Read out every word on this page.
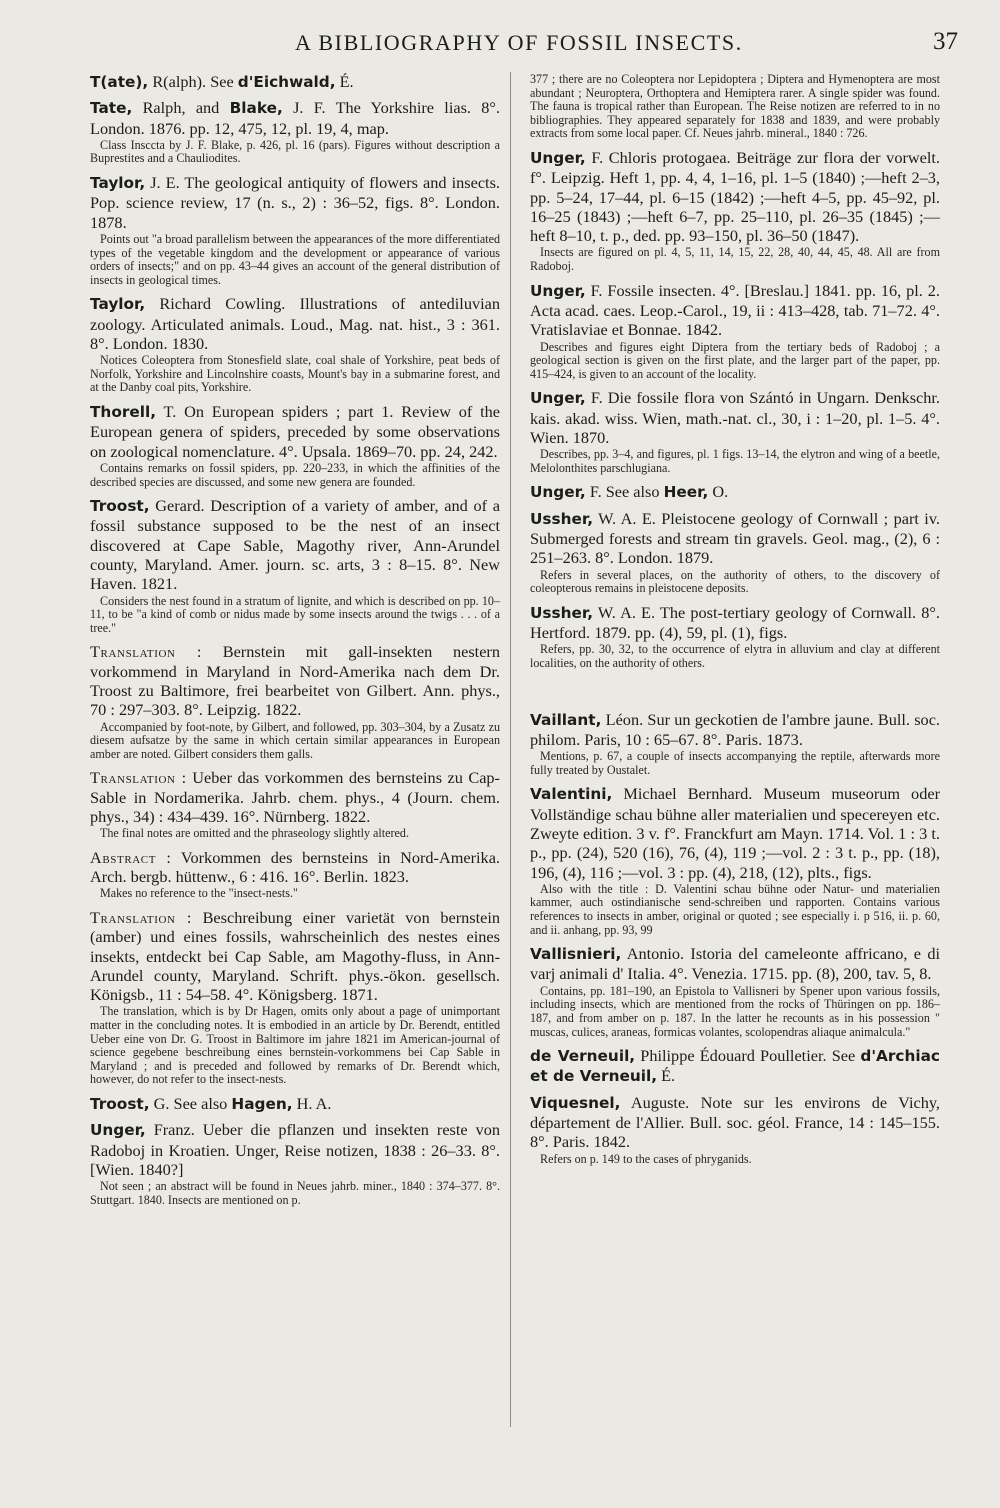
A BIBLIOGRAPHY OF FOSSIL INSECTS.	37

T(ate), R(alph). See d'Eichwald, É.

Tate, Ralph, and Blake, J. F. The Yorkshire lias. 8°. London. 1876. pp. 12, 475, 12, pl. 19, 4, map.

Class Inscсta by J. F. Blake, p. 426, pl. 16 (pars). Figures without description a Buprestites and a Chauliodites.

Taylor, J. E. The geological antiquity of flowers and insects. Pop. science review, 17 (n. s., 2) : 36–52, figs. 8°. London. 1878.

Points out "a broad parallelism between the appearances of the more differentiated types of the vegetable kingdom and the development or appearance of various orders of insects;" and on pp. 43–44 gives an account of the general distribution of insects in geological times.

Taylor, Richard Cowling. Illustrations of antediluvian zoology. Articulated animals. Loud., Mag. nat. hist., 3 : 361. 8°. London. 1830.

Notices Coleoptera from Stonesfield slate, coal shale of Yorkshire, peat beds of Norfolk, Yorkshire and Lincolnshire coasts, Mount's bay in a submarine forest, and at the Danby coal pits, Yorkshire.

Thorell, T. On European spiders ; part 1. Review of the European genera of spiders, preceded by some observations on zoological nomenclature. 4°. Upsala. 1869–70. pp. 24, 242.

Contains remarks on fossil spiders, pp. 220–233, in which the affinities of the described species are discussed, and some new genera are founded.

Troost, Gerard. Description of a variety of amber, and of a fossil substance supposed to be the nest of an insect discovered at Cape Sable, Magothy river, Ann-Arundel county, Maryland. Amer. journ. sc. arts, 3 : 8–15. 8°. New Haven. 1821.

Considers the nest found in a stratum of lignite, and which is described on pp. 10–11, to be "a kind of comb or nidus made by some insects around the twigs . . . of a tree."

Translation : Bernstein mit gall-insekten nestern vorkommend in Maryland in Nord-Amerika nach dem Dr. Troost zu Baltimore, frei bearbeitet von Gilbert. Ann. phys., 70 : 297–303. 8°. Leipzig. 1822.

Accompanied by foot-note, by Gilbert, and followed, pp. 303–304, by a Zusatz zu diesem aufsatze by the same in which certain similar appearances in European amber are noted. Gilbert considers them galls.

Translation : Ueber das vorkommen des bernsteins zu Cap-Sable in Nordamerika. Jahrb. chem. phys., 4 (Journ. chem. phys., 34) : 434–439. 16°. Nürnberg. 1822.

The final notes are omitted and the phraseology slightly altered.

Abstract : Vorkommen des bernsteins in Nord-Amerika. Arch. bergb. hüttenw., 6 : 416. 16°. Berlin. 1823.

Makes no reference to the "insect-nests."

Translation : Beschreibung einer varietät von bernstein (amber) und eines fossils, wahrscheinlich des nestes eines insekts, entdeckt bei Cap Sable, am Magothy-fluss, in Ann-Arundel county, Maryland. Schrift. phys.-ökon. gesellsch. Königsb., 11 : 54–58. 4°. Königsberg. 1871.

The translation, which is by Dr Hagen, omits only about a page of unimportant matter in the concluding notes. It is embodied in an article by Dr. Berendt, entitled Ueber eine von Dr. G. Troost in Baltimore im jahre 1821 im American-journal of science gegebene beschreibung eines bernstein-vorkommens bei Cap Sable in Maryland ; and is preceded and followed by remarks of Dr. Berendt which, however, do not refer to the insect-nests.

Troost, G. See also Hagen, H. A.

Unger, Franz. Ueber die pflanzen und insekten reste von Radoboj in Kroatien. Unger, Reise notizen, 1838 : 26–33. 8°. [Wien. 1840?]

Not seen ; an abstract will be found in Neues jahrb. miner., 1840 : 374–377. 8°. Stuttgart. 1840. Insects are mentioned on p.

377 ; there are no Coleoptera nor Lepidoptera ; Diptera and Hymenoptera are most abundant ; Neuroptera, Orthoptera and Hemiptera rarer. A single spider was found. The fauna is tropical rather than European. The Reise notizen are referred to in no bibliographies. They appeared separately for 1838 and 1839, and were probably extracts from some local paper. Cf. Neues jahrb. mineral., 1840 : 726.

Unger, F. Chloris protogaea. Beiträge zur flora der vorwelt. f°. Leipzig. Heft 1, pp. 4, 4, 1–16, pl. 1–5 (1840) ;—heft 2–3, pp. 5–24, 17–44, pl. 6–15 (1842) ;—heft 4–5, pp. 45–92, pl. 16–25 (1843) ;—heft 6–7, pp. 25–110, pl. 26–35 (1845) ;—heft 8–10, t. p., ded. pp. 93–150, pl. 36–50 (1847).

Insects are figured on pl. 4, 5, 11, 14, 15, 22, 28, 40, 44, 45, 48. All are from Radoboj.

Unger, F. Fossile insecten. 4°. [Breslau.] 1841. pp. 16, pl. 2. Acta acad. caes. Leop.-Carol., 19, ii : 413–428, tab. 71–72. 4°. Vratislaviae et Bonnae. 1842.

Describes and figures eight Diptera from the tertiary beds of Radoboj ; a geological section is given on the first plate, and the larger part of the paper, pp. 415–424, is given to an account of the locality.

Unger, F. Die fossile flora von Szántó in Ungarn. Denkschr. kais. akad. wiss. Wien, math.-nat. cl., 30, i : 1–20, pl. 1–5. 4°. Wien. 1870.

Describes, pp. 3–4, and figures, pl. 1 figs. 13–14, the elytron and wing of a beetle, Melolonthites parschlugiana.

Unger, F. See also Heer, O.

Ussher, W. A. E. Pleistocene geology of Cornwall ; part iv. Submerged forests and stream tin gravels. Geol. mag., (2), 6 : 251–263. 8°. London. 1879.

Refers in several places, on the authority of others, to the discovery of coleopterous remains in pleistocene deposits.

Ussher, W. A. E. The post-tertiary geology of Cornwall. 8°. Hertford. 1879. pp. (4), 59, pl. (1), figs.

Refers, pp. 30, 32, to the occurrence of elytra in alluvium and clay at different localities, on the authority of others.

Vaillant, Léon. Sur un geckotien de l'ambre jaune. Bull. soc. philom. Paris, 10 : 65–67. 8°. Paris. 1873.

Mentions, p. 67, a couple of insects accompanying the reptile, afterwards more fully treated by Oustalet.

Valentini, Michael Bernhard. Museum museorum oder Vollständige schau bühne aller materialien und specereyen etc. Zweyte edition. 3 v. f°. Franckfurt am Mayn. 1714. Vol. 1 : 3 t. p., pp. (24), 520 (16), 76, (4), 119 ;—vol. 2 : 3 t. p., pp. (18), 196, (4), 116 ;—vol. 3 : pp. (4), 218, (12), plts., figs.

Also with the title : D. Valentini schau bühne oder Natur- und materialien kammer, auch ostindianische send-schreiben und rapporten. Contains various references to insects in amber, original or quoted ; see especially i. p 516, ii. p. 60, and ii. anhang, pp. 93, 99

Vallisnieri, Antonio. Istoria del cameleonte affricano, e di varj animali d' Italia. 4°. Venezia. 1715. pp. (8), 200, tav. 5, 8.

Contains, pp. 181–190, an Epistola to Vallisneri by Spener upon various fossils, including insects, which are mentioned from the rocks of Thüringen on pp. 186–187, and from amber on p. 187. In the latter he recounts as in his possession " muscas, culices, araneas, formicas volantes, scolopendras aliaque animalcula."

de Verneuil, Philippe Édouard Poulletier. See d'Archiac et de Verneuil, É.

Viquesnel, Auguste. Note sur les environs de Vichy, département de l'Allier. Bull. soc. géol. France, 14 : 145–155. 8°. Paris. 1842.

Refers on p. 149 to the cases of phryganids.
